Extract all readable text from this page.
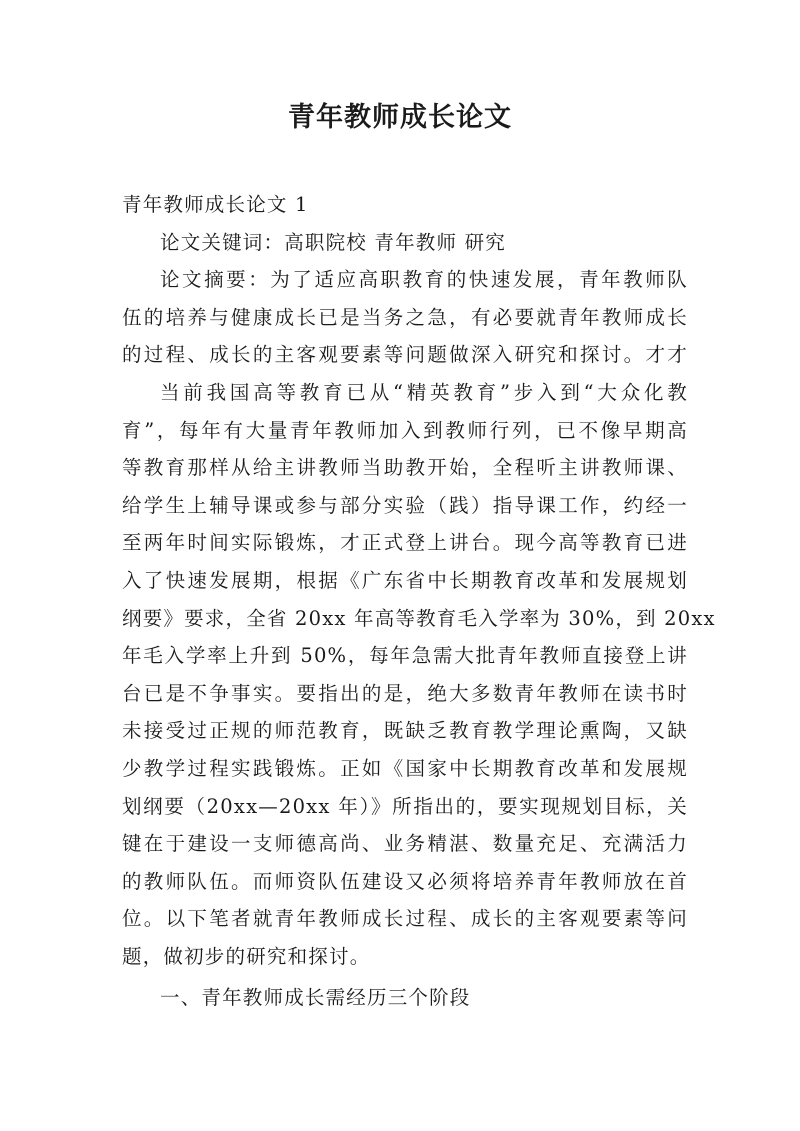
青年教师成长论文
青年教师成长论文 1
论文关键词：高职院校 青年教师 研究
论文摘要：为了适应高职教育的快速发展，青年教师队
伍的培养与健康成长已是当务之急，有必要就青年教师成长
的过程、成长的主客观要素等问题做深入研究和探讨。才才
当前我国高等教育已从“精英教育”步入到“大众化教
育”，每年有大量青年教师加入到教师行列，已不像早期高
等教育那样从给主讲教师当助教开始，全程听主讲教师课、
给学生上辅导课或参与部分实验（践）指导课工作，约经一
至两年时间实际锻炼，才正式登上讲台。现今高等教育已进
入了快速发展期，根据《广东省中长期教育改革和发展规划
纲要》要求，全省 20xx 年高等教育毛入学率为 30%，到 20xx
年毛入学率上升到 50%，每年急需大批青年教师直接登上讲
台已是不争事实。要指出的是，绝大多数青年教师在读书时
未接受过正规的师范教育，既缺乏教育教学理论熏陶，又缺
少教学过程实践锻炼。正如《国家中长期教育改革和发展规
划纲要（20xx—20xx 年）》所指出的，要实现规划目标，关
键在于建设一支师德高尚、业务精湛、数量充足、充满活力
的教师队伍。而师资队伍建设又必须将培养青年教师放在首
位。以下笔者就青年教师成长过程、成长的主客观要素等问
题，做初步的研究和探讨。
一、青年教师成长需经历三个阶段
